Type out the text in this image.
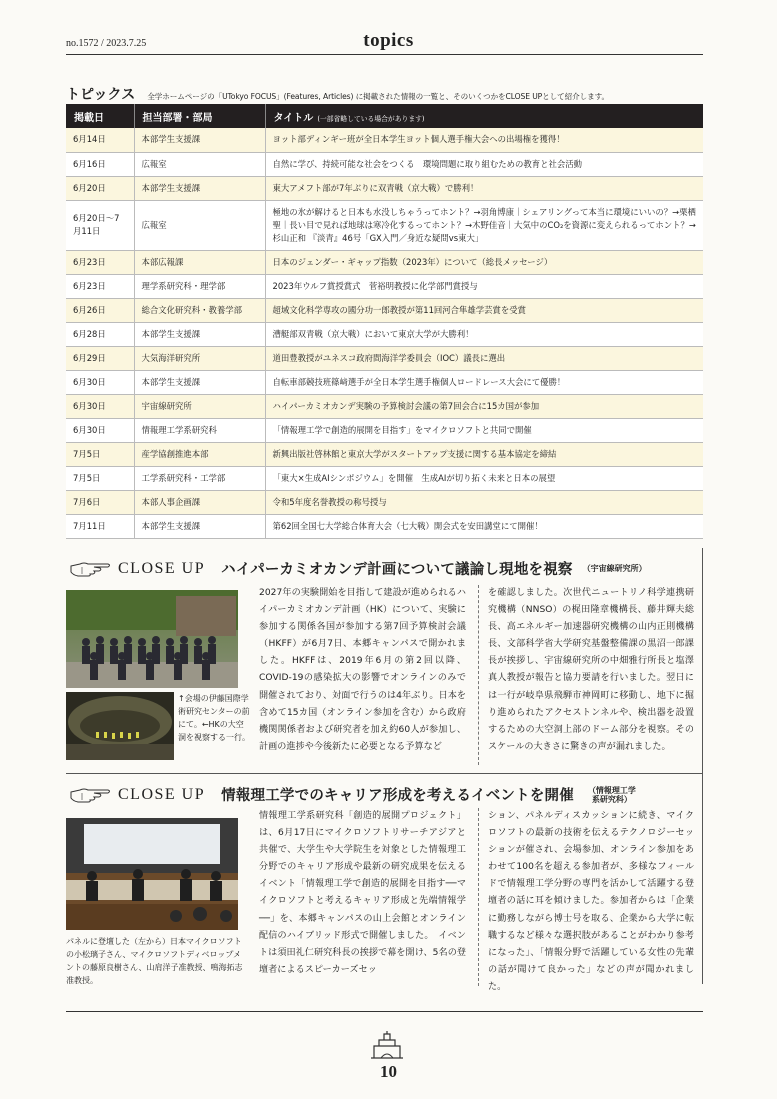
no.1572 / 2023.7.25	topics
トピックス 全学ホームページの「UTokyo FOCUS」(Features, Articles) に掲載された情報の一覧と、そのいくつかをCLOSE UPとして紹介します。
掲載日	担当部署・部局	タイトル (一部省略している場合があります)
6月14日	本部学生支援課	ヨット部ディンギー班が全日本学生ヨット個人選手権大会への出場権を獲得！
6月16日	広報室	自然に学び、持続可能な社会をつくる　環境問題に取り組むための教育と社会活動
6月20日	本部学生支援課	東大アメフト部が7年ぶりに双青戦（京大戦）で勝利！
6月20日～7月11日	広報室	極地の氷が解けると日本も水没しちゃうってホント？→羽角博康｜シェアリングって本当に環境にいいの？→栗栖 聖｜長い目で見れば地球は寒冷化するってホント？→木野佳音｜大気中のCO₂を資源に変えられるってホント？→杉山正和 『淡青』46号「GX入門／身近な疑問vs東大」
6月23日	本部広報課	日本のジェンダー・ギャップ指数（2023年）について（総長メッセージ）
6月23日	理学系研究科・理学部	2023年ウルフ賞授賞式　菅裕明教授に化学部門賞授与
6月26日	総合文化研究科・教養学部	超域文化科学専攻の國分功一郎教授が第11回河合隼雄学芸賞を受賞
6月28日	本部学生支援課	漕艇部双青戦（京大戦）において東京大学が大勝利！
6月29日	大気海洋研究所	道田豊教授がユネスコ政府間海洋学委員会（IOC）議長に選出
6月30日	本部学生支援課	自転車部競技班篠﨑選手が全日本学生選手権個人ロードレース大会にて優勝！
6月30日	宇宙線研究所	ハイパーカミオカンデ実験の予算検討会議の第7回会合に15カ国が参加
6月30日	情報理工学系研究科	「情報理工学で創造的展開を目指す」をマイクロソフトと共同で開催
7月5日	産学協創推進本部	新興出版社啓林館と東京大学がスタートアップ支援に関する基本協定を締結
7月5日	工学系研究科・工学部	「東大×生成AIシンポジウム」を開催　生成AIが切り拓く未来と日本の展望
7月6日	本部人事企画課	令和5年度名誉教授の称号授与
7月11日	本部学生支援課	第62回全国七大学総合体育大会（七大戦）開会式を安田講堂にて開催！
CLOSE UP ハイパーカミオカンデ計画について議論し現地を視察 （宇宙線研究所）
↑会場の伊藤国際学術研究センターの前にて。←HKの大空洞を視察する一行。
2027年の実験開始を目指して建設が進められるハイパーカミオカンデ計画（HK）について、実験に参加する関係各国が参加する第7回予算検討会議（HKFF）が6月7日、本郷キャンパスで開かれました。HKFFは、2019年6月の第2回以降、COVID-19の感染拡大の影響でオンラインのみで開催されており、対面で行うのは4年ぶり。日本を含めて15カ国（オンライン参加を含む）から政府機関関係者および研究者を加え約60人が参加し、計画の進捗や今後新たに必要となる予算など
を確認しました。次世代ニュートリノ科学連携研究機構（NNSO）の梶田隆章機構長、藤井輝夫総長、高エネルギー加速器研究機構の山内正則機構長、文部科学省大学研究基盤整備課の黒沼一郎課長が挨拶し、宇宙線研究所の中畑雅行所長と塩澤真人教授が報告と協力要請を行いました。翌日には一行が岐阜県飛騨市神岡町に移動し、地下に掘り進められたアクセストンネルや、検出器を設置するための大空洞上部のドーム部分を視察。そのスケールの大きさに驚きの声が漏れました。
CLOSE UP 情報理工学でのキャリア形成を考えるイベントを開催 （情報理工学
系研究科）
パネルに登壇した（左から）日本マイクロソフトの小松璃子さん、マイクロソフトディベロップメントの藤原良樹さん、山肩洋子准教授、鳴海拓志准教授。
情報理工学系研究科「創造的展開プロジェクト」は、6月17日にマイクロソフトリサーチアジアと共催で、大学生や大学院生を対象とした情報理工分野でのキャリア形成や最新の研究成果を伝えるイベント「情報理工学で創造的展開を目指す──マイクロソフトと考えるキャリア形成と先端情報学──」を、本郷キャンパスの山上会館とオンライン配信のハイブリッド形式で開催しました。　イベントは須田礼仁研究科長の挨拶で幕を開け、5名の登壇者によるスピーカーズセッ
ション、パネルディスカッションに続き、マイクロソフトの最新の技術を伝えるテクノロジーセッションが催され、会場参加、オンライン参加をあわせて100名を超える参加者が、多様なフィールドで情報理工学分野の専門を活かして活躍する登壇者の話に耳を傾けました。参加者からは「企業に勤務しながら博士号を取る、企業から大学に転職するなど様々な選択肢があることがわかり参考になった」、「情報分野で活躍している女性の先輩の話が聞けて良かった」などの声が聞かれました。
10
